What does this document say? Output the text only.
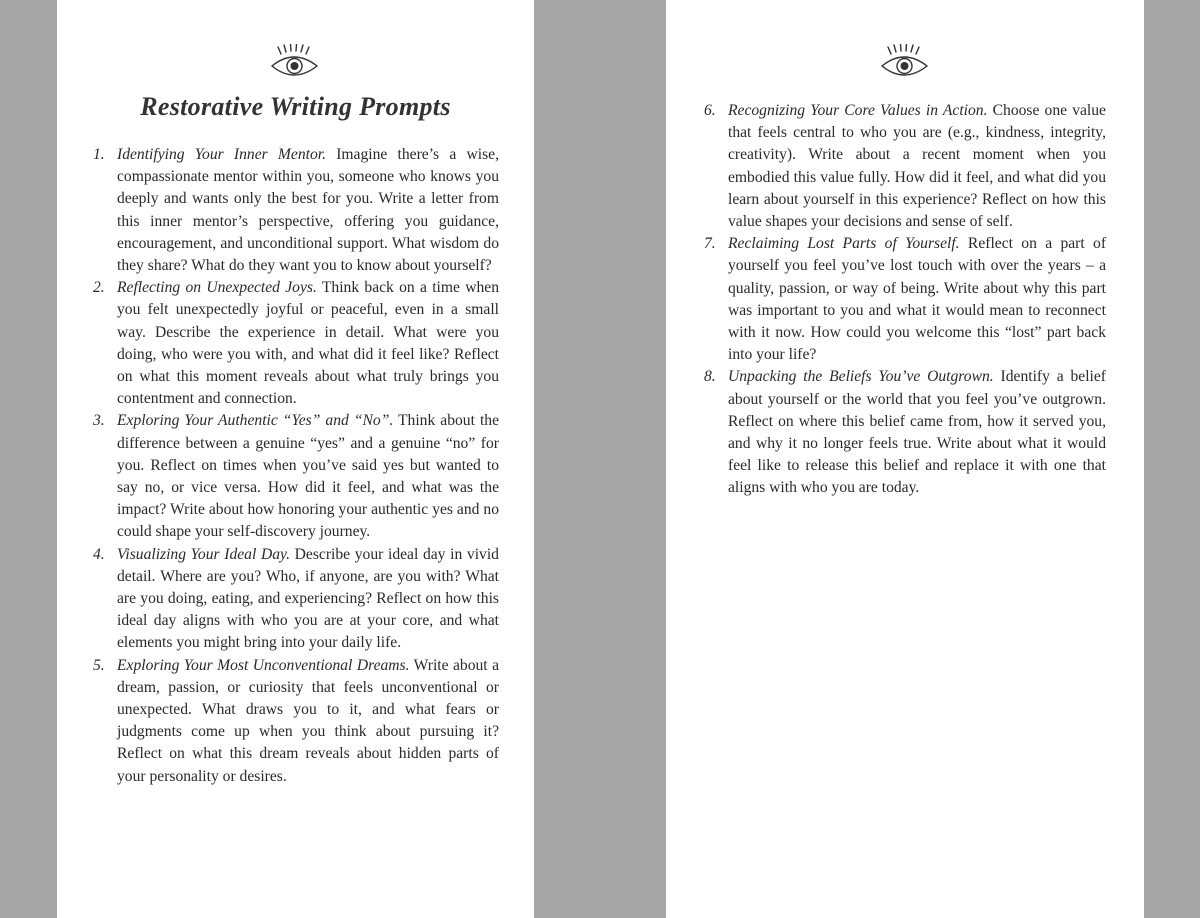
Restorative Writing Prompts
1. Identifying Your Inner Mentor. Imagine there’s a wise, compassionate mentor within you, someone who knows you deeply and wants only the best for you. Write a letter from this inner mentor’s perspective, offering you guidance, encouragement, and unconditional support. What wisdom do they share? What do they want you to know about yourself?
2. Reflecting on Unexpected Joys. Think back on a time when you felt unexpectedly joyful or peaceful, even in a small way. Describe the experience in detail. What were you doing, who were you with, and what did it feel like? Reflect on what this moment reveals about what truly brings you contentment and connection.
3. Exploring Your Authentic “Yes” and “No”. Think about the difference between a genuine “yes” and a genuine “no” for you. Reflect on times when you’ve said yes but wanted to say no, or vice versa. How did it feel, and what was the impact? Write about how honoring your authentic yes and no could shape your self-discovery journey.
4. Visualizing Your Ideal Day. Describe your ideal day in vivid detail. Where are you? Who, if anyone, are you with? What are you doing, eating, and experiencing? Reflect on how this ideal day aligns with who you are at your core, and what elements you might bring into your daily life.
5. Exploring Your Most Unconventional Dreams. Write about a dream, passion, or curiosity that feels unconventional or unexpected. What draws you to it, and what fears or judgments come up when you think about pursuing it? Reflect on what this dream reveals about hidden parts of your personality or desires.
6. Recognizing Your Core Values in Action. Choose one value that feels central to who you are (e.g., kindness, integrity, creativity). Write about a recent moment when you embodied this value fully. How did it feel, and what did you learn about yourself in this experience? Reflect on how this value shapes your decisions and sense of self.
7. Reclaiming Lost Parts of Yourself. Reflect on a part of yourself you feel you’ve lost touch with over the years – a quality, passion, or way of being. Write about why this part was important to you and what it would mean to reconnect with it now. How could you welcome this “lost” part back into your life?
8. Unpacking the Beliefs You’ve Outgrown. Identify a belief about yourself or the world that you feel you’ve outgrown. Reflect on where this belief came from, how it served you, and why it no longer feels true. Write about what it would feel like to release this belief and replace it with one that aligns with who you are today.
